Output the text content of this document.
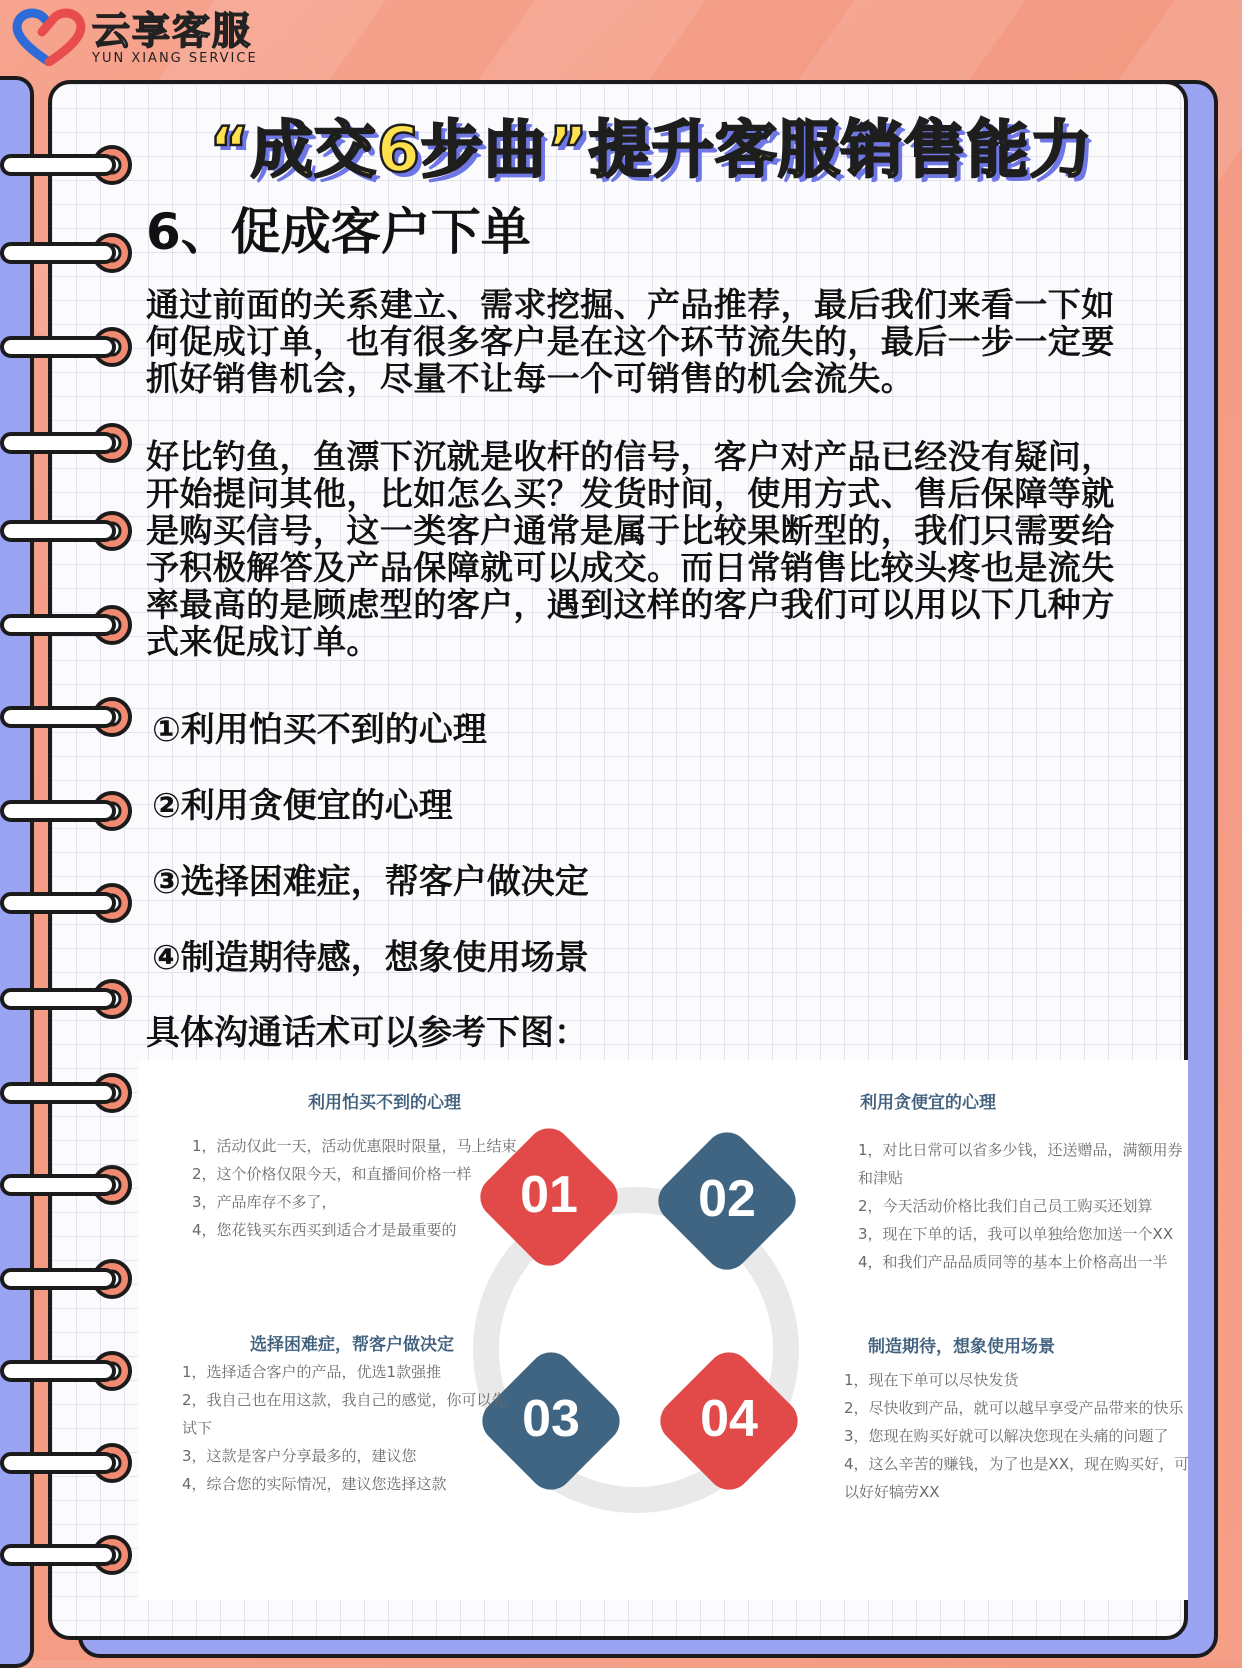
云享客服
YUN XIANG SERVICE
“成交6步曲”提升客服销售能力
6、促成客户下单
通过前面的关系建立、需求挖掘、产品推荐，最后我们来看一下如
何促成订单，也有很多客户是在这个环节流失的，最后一步一定要
抓好销售机会，尽量不让每一个可销售的机会流失。
好比钓鱼，鱼漂下沉就是收杆的信号，客户对产品已经没有疑问，
开始提问其他，比如怎么买？发货时间，使用方式、售后保障等就
是购买信号，这一类客户通常是属于比较果断型的，我们只需要给
予积极解答及产品保障就可以成交。而日常销售比较头疼也是流失
率最高的是顾虑型的客户，遇到这样的客户我们可以用以下几种方
式来促成订单。
①利用怕买不到的心理
②利用贪便宜的心理
③选择困难症，帮客户做决定
④制造期待感，想象使用场景
具体沟通话术可以参考下图：
01 02
03 04
利用怕买不到的心理
1，活动仅此一天，活动优惠限时限量，马上结束
2，这个价格仅限今天，和直播间价格一样
3，产品库存不多了，
4，您花钱买东西买到适合才是最重要的
利用贪便宜的心理
1，对比日常可以省多少钱，还送赠品，满额用券
和津贴
2，今天活动价格比我们自己员工购买还划算
3，现在下单的话，我可以单独给您加送一个XX
4，和我们产品品质同等的基本上价格高出一半
选择困难症，帮客户做决定
1，选择适合客户的产品，优选1款强推
2，我自己也在用这款，我自己的感觉，你可以先
试下
3，这款是客户分享最多的，建议您
4，综合您的实际情况，建议您选择这款
制造期待，想象使用场景
1，现在下单可以尽快发货
2，尽快收到产品，就可以越早享受产品带来的快乐
3，您现在购买好就可以解决您现在头痛的问题了
4，这么辛苦的赚钱，为了也是XX，现在购买好，可
以好好犒劳XX
